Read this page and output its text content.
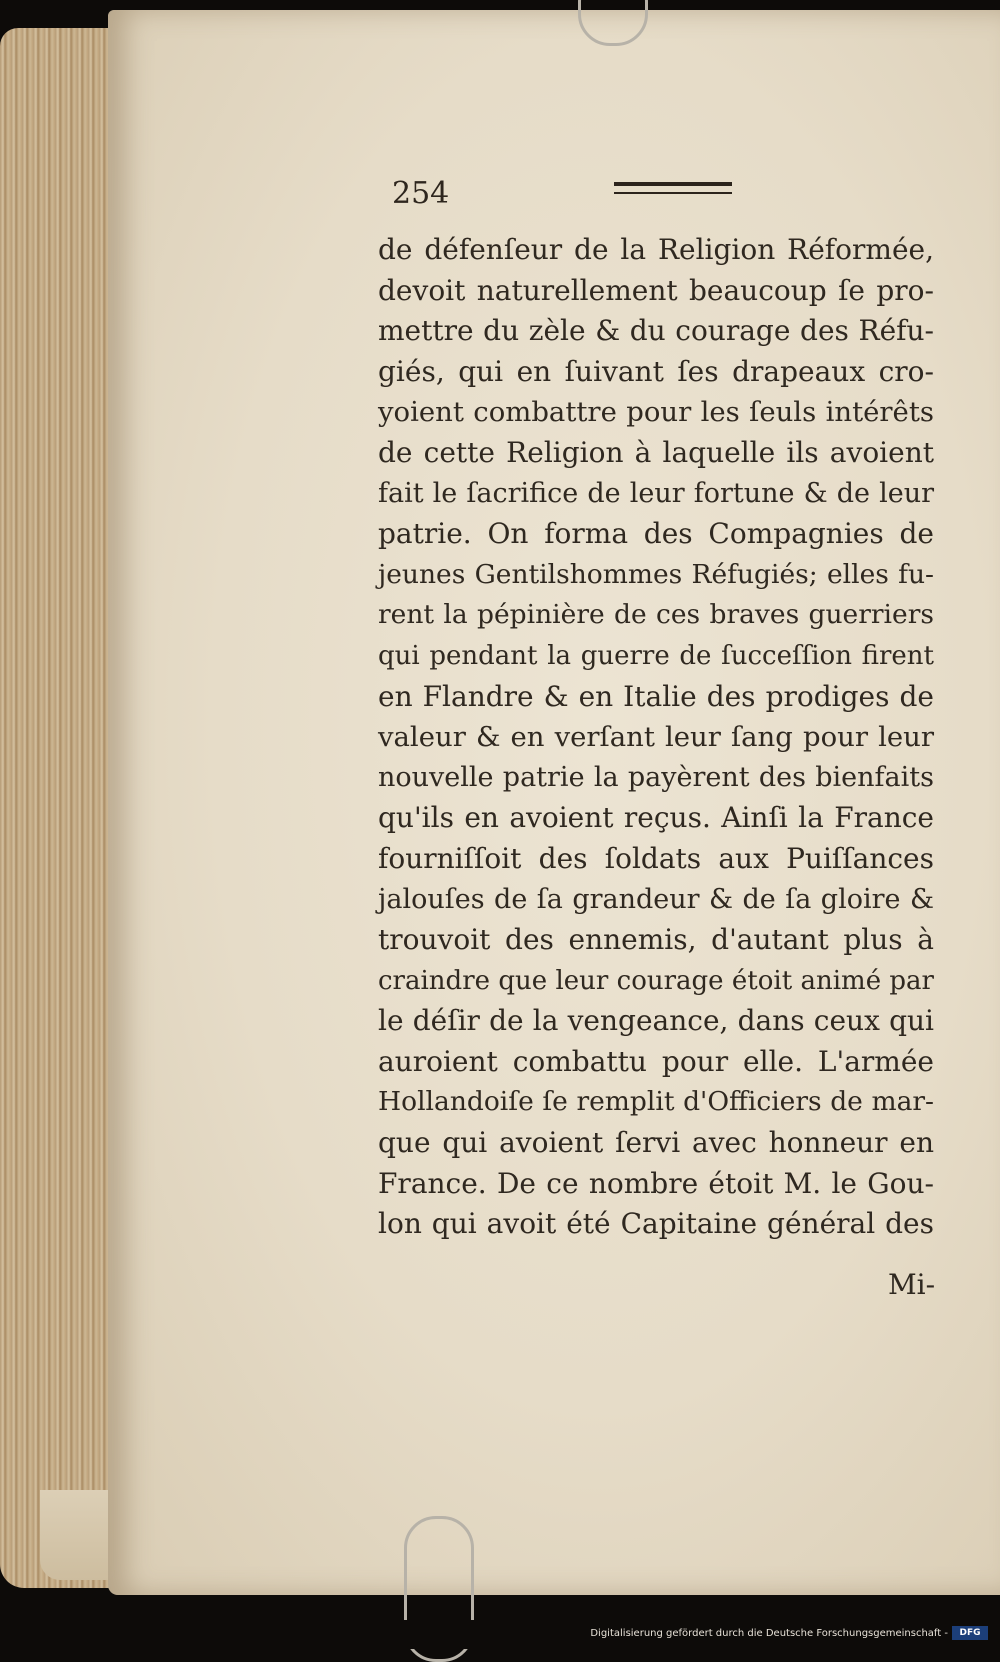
254
de défenſeur de la Religion Réformée,
devoit naturellement beaucoup ſe pro-
mettre du zèle & du courage des Réfu-
giés, qui en ſuivant ſes drapeaux cro-
yoient combattre pour les ſeuls intérêts
de cette Religion à laquelle ils avoient
fait le ſacrifice de leur fortune & de leur
patrie. On forma des Compagnies de
jeunes Gentilshommes Réfugiés; elles fu-
rent la pépinière de ces braves guerriers
qui pendant la guerre de ſucceſſion firent
en Flandre & en Italie des prodiges de
valeur & en verſant leur ſang pour leur
nouvelle patrie la payèrent des bienfaits
qu'ils en avoient reçus. Ainſi la France
fourniſſoit des ſoldats aux Puiſſances
jalouſes de ſa grandeur & de ſa gloire &
trouvoit des ennemis, d'autant plus à
craindre que leur courage étoit animé par
le déſir de la vengeance, dans ceux qui
auroient combattu pour elle. L'armée
Hollandoiſe ſe remplit d'Officiers de mar-
que qui avoient ſervi avec honneur en
France. De ce nombre étoit M. le Gou-
lon qui avoit été Capitaine général des
Mi-
Digitalisierung gefördert durch die Deutsche Forschungsgemeinschaft -	DFG
